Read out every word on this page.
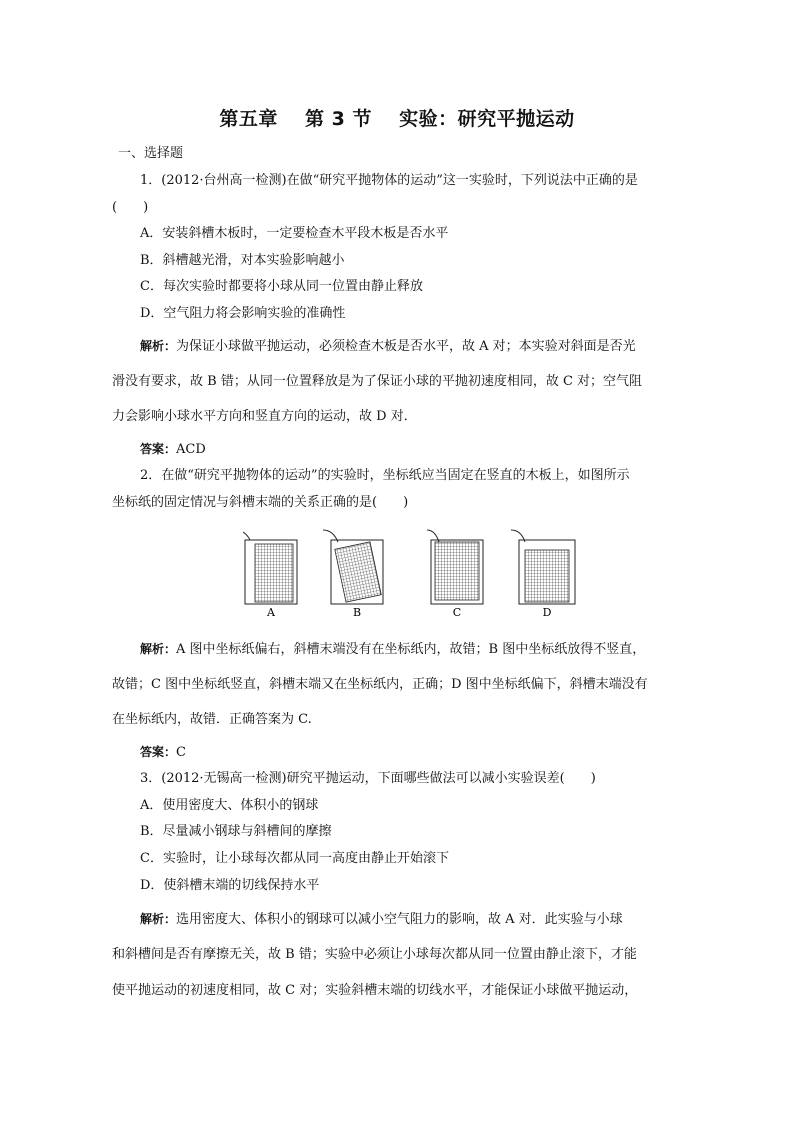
第五章 第 3 节 实验：研究平抛运动
一、选择题
1．(2012·台州高一检测)在做“研究平抛物体的运动”这一实验时，下列说法中正确的是
(　　)
A．安装斜槽木板时，一定要检查木平段木板是否水平
B．斜槽越光滑，对本实验影响越小
C．每次实验时都要将小球从同一位置由静止释放
D．空气阻力将会影响实验的准确性
解析：为保证小球做平抛运动，必须检查木板是否水平，故 A 对；本实验对斜面是否光
滑没有要求，故 B 错；从同一位置释放是为了保证小球的平抛初速度相同，故 C 对；空气阻
力会影响小球水平方向和竖直方向的运动，故 D 对．
答案：ACD
2．在做“研究平抛物体的运动”的实验时，坐标纸应当固定在竖直的木板上，如图所示
坐标纸的固定情况与斜槽末端的关系正确的是(　　)
A	B	C	D
解析：A 图中坐标纸偏右，斜槽末端没有在坐标纸内，故错；B 图中坐标纸放得不竖直，
故错；C 图中坐标纸竖直，斜槽末端又在坐标纸内，正确；D 图中坐标纸偏下，斜槽末端没有
在坐标纸内，故错．正确答案为 C.
答案：C
3．(2012·无锡高一检测)研究平抛运动，下面哪些做法可以减小实验误差(　　)
A．使用密度大、体积小的钢球
B．尽量减小钢球与斜槽间的摩擦
C．实验时，让小球每次都从同一高度由静止开始滚下
D．使斜槽末端的切线保持水平
解析：选用密度大、体积小的钢球可以减小空气阻力的影响，故 A 对．此实验与小球
和斜槽间是否有摩擦无关，故 B 错；实验中必须让小球每次都从同一位置由静止滚下，才能
使平抛运动的初速度相同，故 C 对；实验斜槽末端的切线水平，才能保证小球做平抛运动，
